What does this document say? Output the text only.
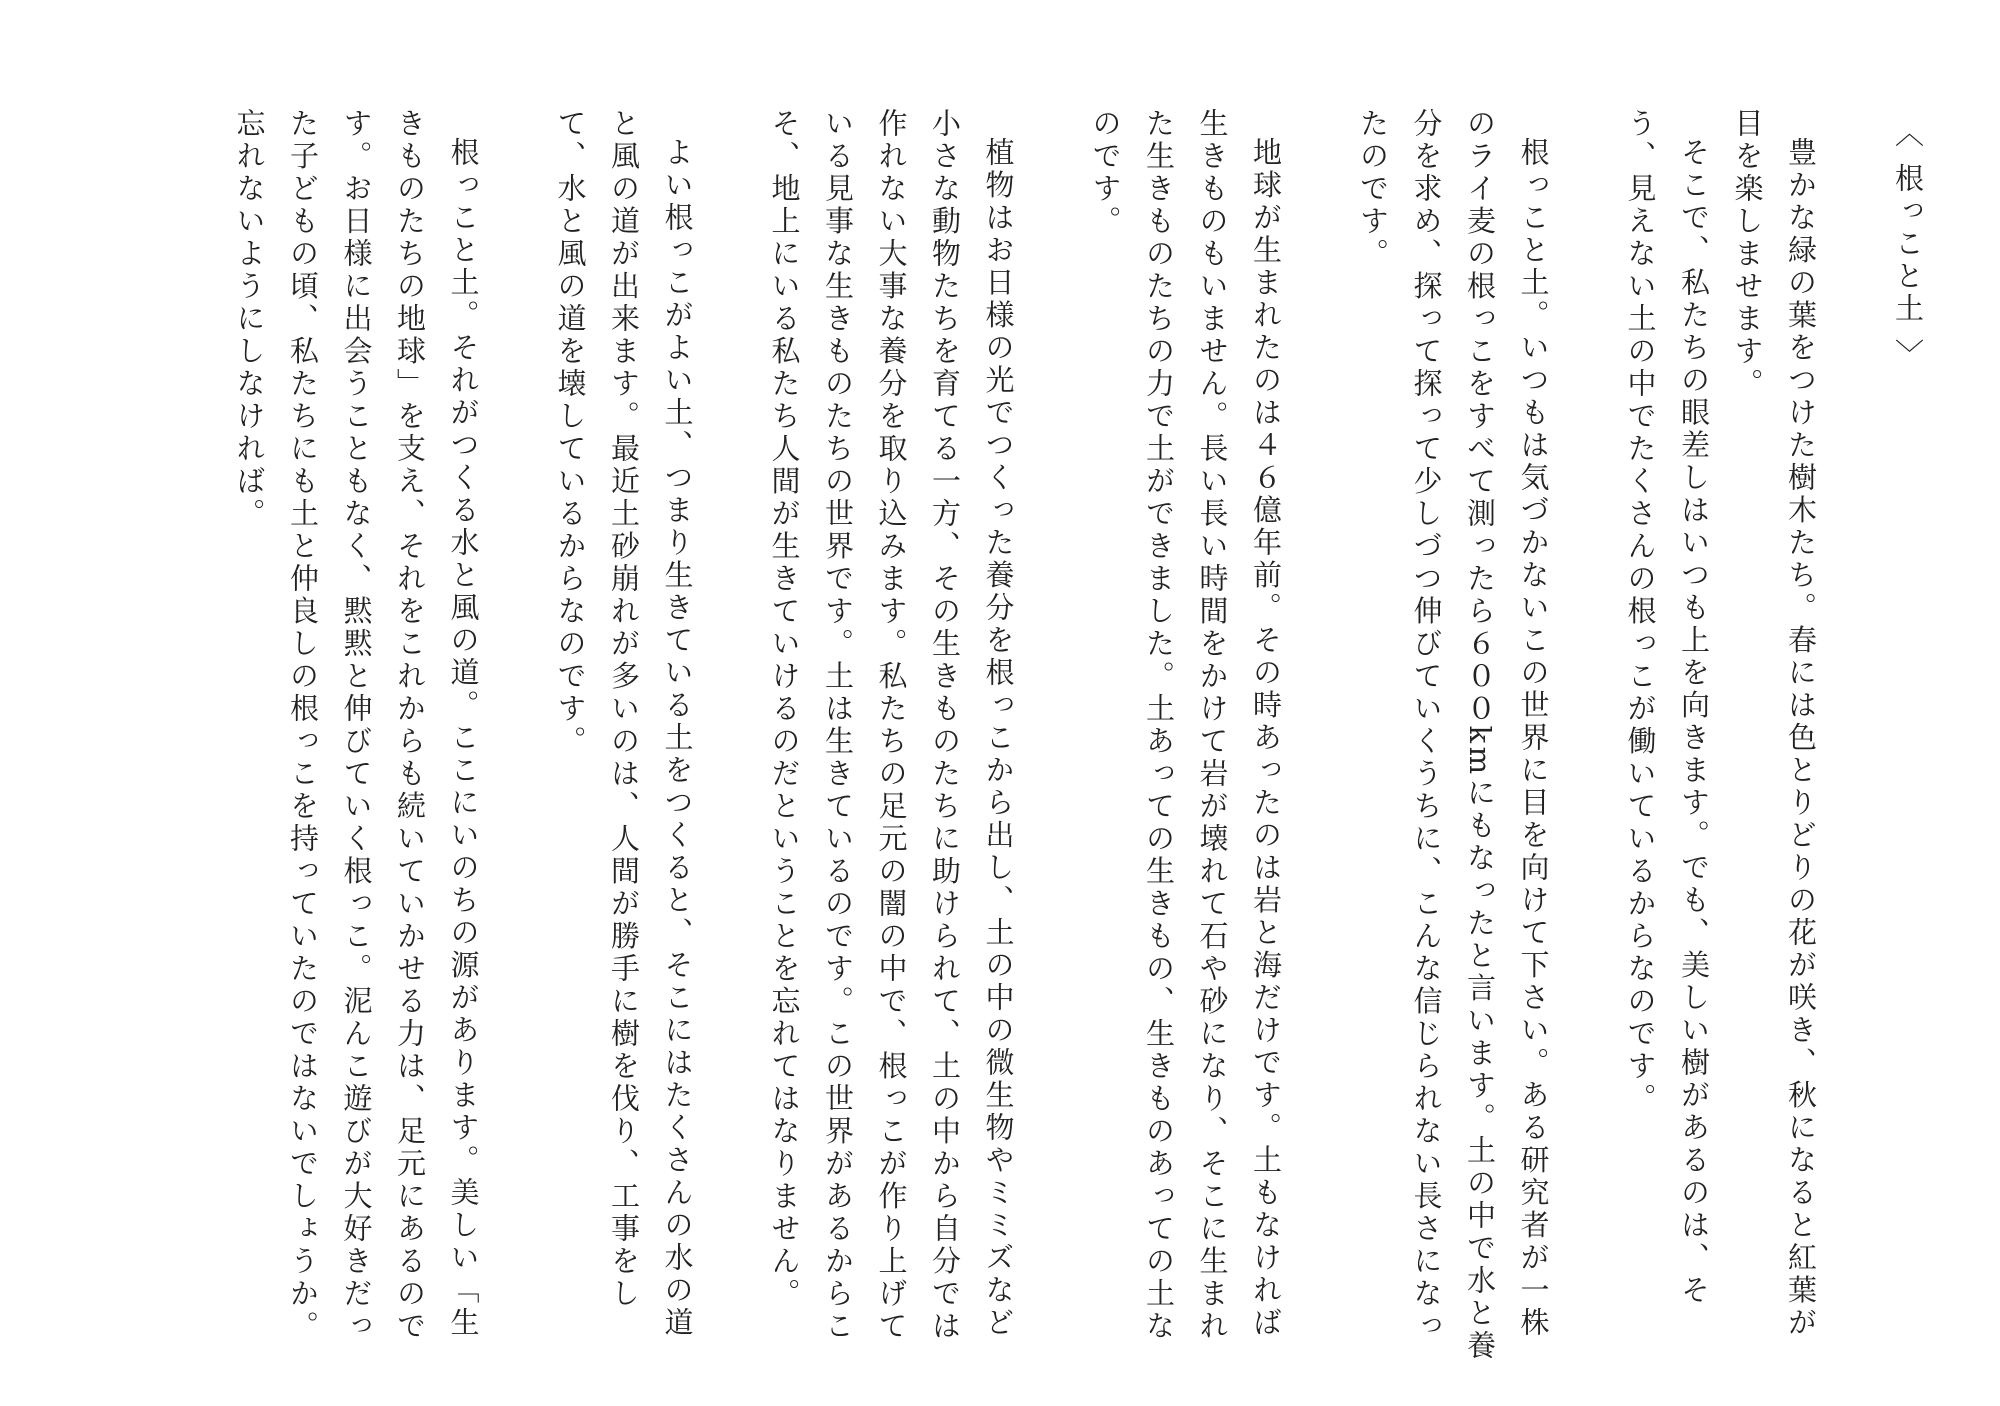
〈 根っこと土 〉

豊かな緑の葉をつけた樹木たち。春には色とりどりの花が咲き、秋になると紅葉が目を楽しませます。

そこで、私たちの眼差しはいつも上を向きます。でも、美しい樹があるのは、そう、見えない土の中でたくさんの根っこが働いているからなのです。

根っこと土。いつもは気づかないこの世界に目を向けて下さい。ある研究者が一株のライ麦の根っこをすべて測ったら６００kmにもなったと言います。土の中で水と養分を求め、探って探って少しづつ伸びていくうちに、こんな信じられない長さになったのです。

地球が生まれたのは４６億年前。その時あったのは岩と海だけです。土もなければ生きものもいません。長い長い時間をかけて岩が壊れて石や砂になり、そこに生まれた生きものたちの力で土ができました。土あっての生きもの、生きものあっての土なのです。

植物はお日様の光でつくった養分を根っこから出し、土の中の微生物やミミズなど小さな動物たちを育てる一方、その生きものたちに助けられて、土の中から自分では作れない大事な養分を取り込みます。私たちの足元の闇の中で、根っこが作り上げている見事な生きものたちの世界です。土は生きているのです。この世界があるからこそ、地上にいる私たち人間が生きていけるのだということを忘れてはなりません。

よい根っこがよい土、つまり生きている土をつくると、そこにはたくさんの水の道と風の道が出来ます。最近土砂崩れが多いのは、人間が勝手に樹を伐り、工事をして、水と風の道を壊しているからなのです。

根っこと土。それがつくる水と風の道。ここにいのちの源があります。美しい「生きものたちの地球」を支え、それをこれからも続いていかせる力は、足元にあるのです。お日様に出会うこともなく、黙黙と伸びていく根っこ。泥んこ遊びが大好きだった子どもの頃、私たちにも土と仲良しの根っこを持っていたのではないでしょうか。忘れないようにしなければ。
